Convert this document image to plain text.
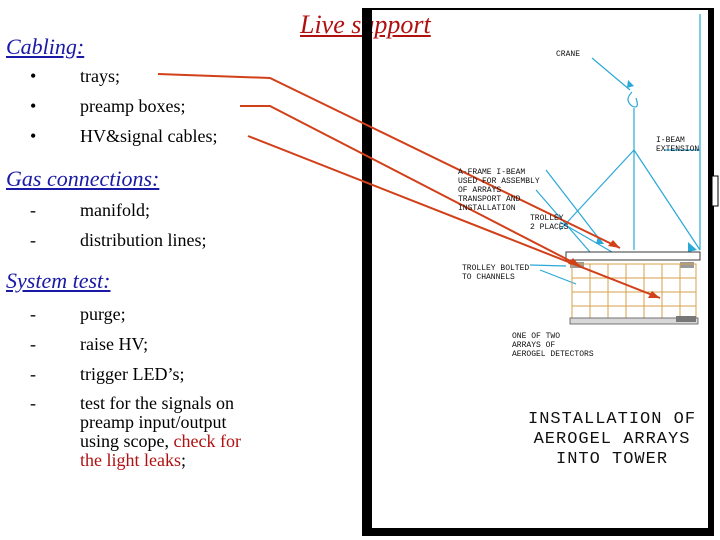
Live support
Cabling:
• trays;
• preamp boxes;
• HV&signal cables;
Gas connections:
- manifold;
- distribution lines;
System test:
- purge;
- raise HV;
- trigger LED’s;
-	test for the signals on
preamp input/output
using scope, check for
the light leaks;
CRANE
I-BEAM
EXTENSION
A-FRAME I-BEAM
USED FOR ASSEMBLY
OF ARRAYS
TRANSPORT AND
INSTALLATION
TROLLEY
2 PLACES
TROLLEY BOLTED
TO CHANNELS
ONE OF TWO
ARRAYS OF
AEROGEL DETECTORS
INSTALLATION OF
AEROGEL ARRAYS
INTO TOWER
